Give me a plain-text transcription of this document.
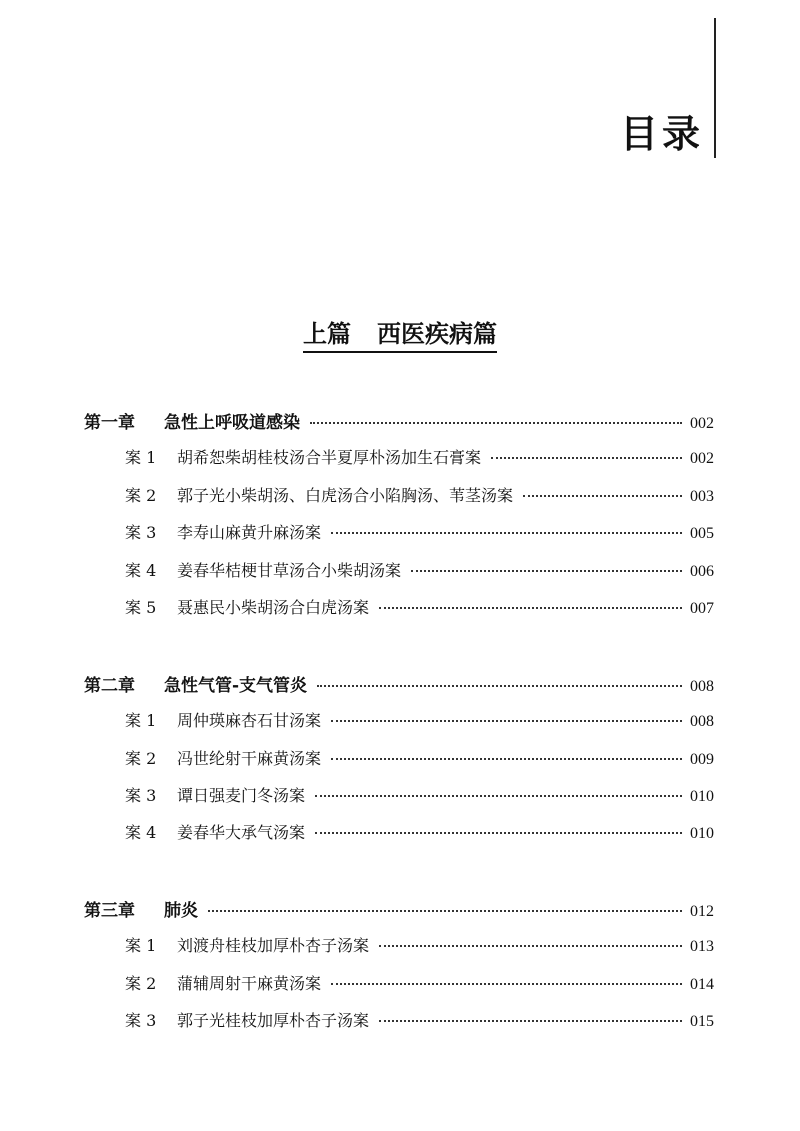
目录
上篇 西医疾病篇
第一章	急性上呼吸道感染	002
案 1	胡希恕柴胡桂枝汤合半夏厚朴汤加生石膏案	002
案 2	郭子光小柴胡汤、白虎汤合小陷胸汤、苇茎汤案	003
案 3	李寿山麻黄升麻汤案	005
案 4	姜春华桔梗甘草汤合小柴胡汤案	006
案 5	聂惠民小柴胡汤合白虎汤案	007
第二章	急性气管-支气管炎	008
案 1	周仲瑛麻杏石甘汤案	008
案 2	冯世纶射干麻黄汤案	009
案 3	谭日强麦门冬汤案	010
案 4	姜春华大承气汤案	010
第三章	肺炎	012
案 1	刘渡舟桂枝加厚朴杏子汤案	013
案 2	蒲辅周射干麻黄汤案	014
案 3	郭子光桂枝加厚朴杏子汤案	015
